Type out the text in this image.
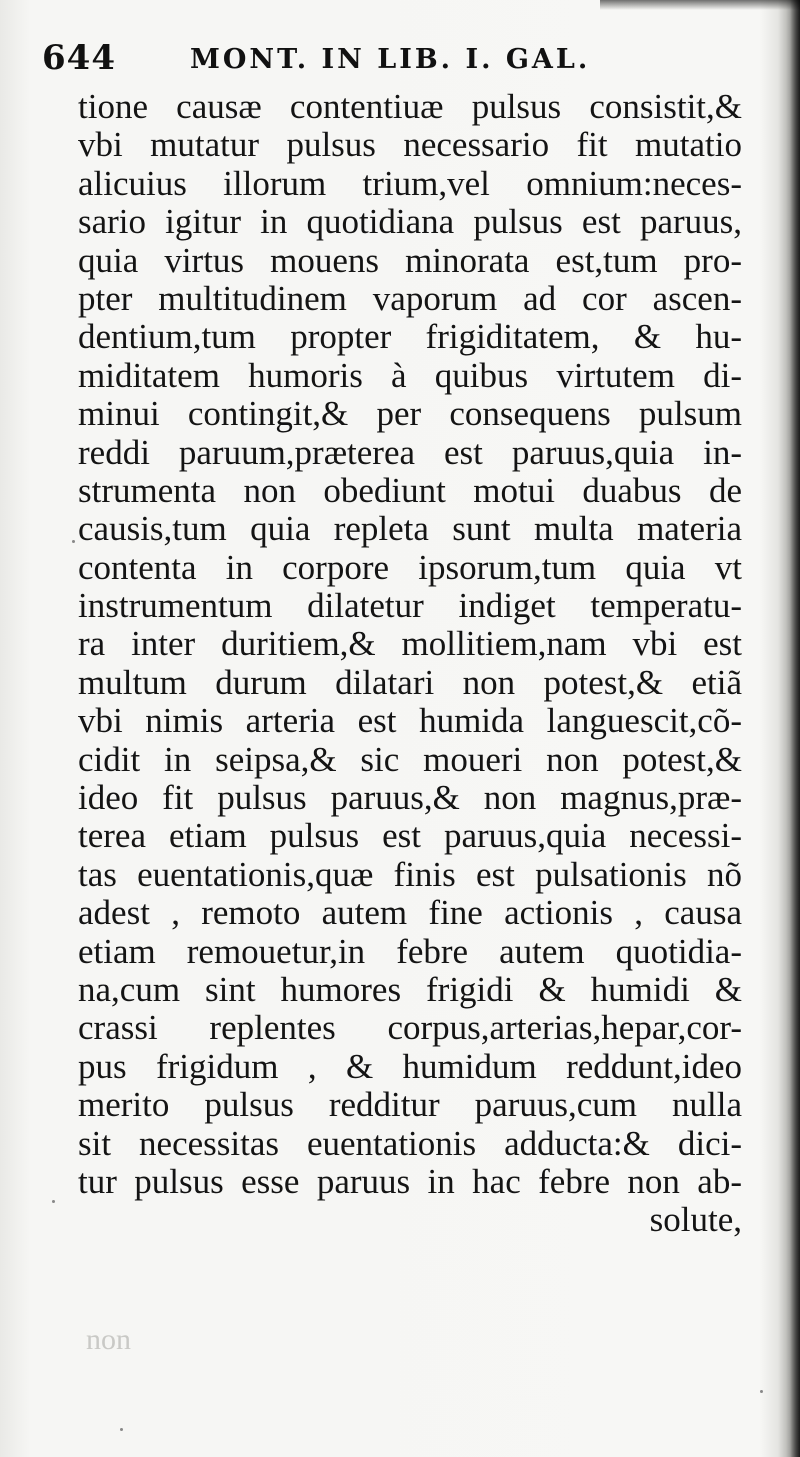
644	MONT. IN LIB. I. GAL.
tione causæ contentiuæ pulsus consistit,&
vbi mutatur pulsus necessario fit mutatio
alicuius illorum trium,vel omnium:neces-
sario igitur in quotidiana pulsus est paruus,
quia virtus mouens minorata est,tum pro-
pter multitudinem vaporum ad cor ascen-
dentium,tum propter frigiditatem, & hu-
miditatem humoris à quibus virtutem di-
minui contingit,& per consequens pulsum
reddi paruum,præterea est paruus,quia in-
strumenta non obediunt motui duabus de
causis,tum quia repleta sunt multa materia
contenta in corpore ipsorum,tum quia vt
instrumentum dilatetur indiget temperatu-
ra inter duritiem,& mollitiem,nam vbi est
multum durum dilatari non potest,& etiã
vbi nimis arteria est humida languescit,cõ-
cidit in seipsa,& sic moueri non potest,&
ideo fit pulsus paruus,& non magnus,præ-
terea etiam pulsus est paruus,quia necessi-
tas euentationis,quæ finis est pulsationis nõ
adest , remoto autem fine actionis , causa
etiam remouetur,in febre autem quotidia-
na,cum sint humores frigidi & humidi &
crassi replentes corpus,arterias,hepar,cor-
pus frigidum , & humidum reddunt,ideo
merito pulsus redditur paruus,cum nulla
sit necessitas euentationis adducta:& dici-
tur pulsus esse paruus in hac febre non ab-
solute,
non
